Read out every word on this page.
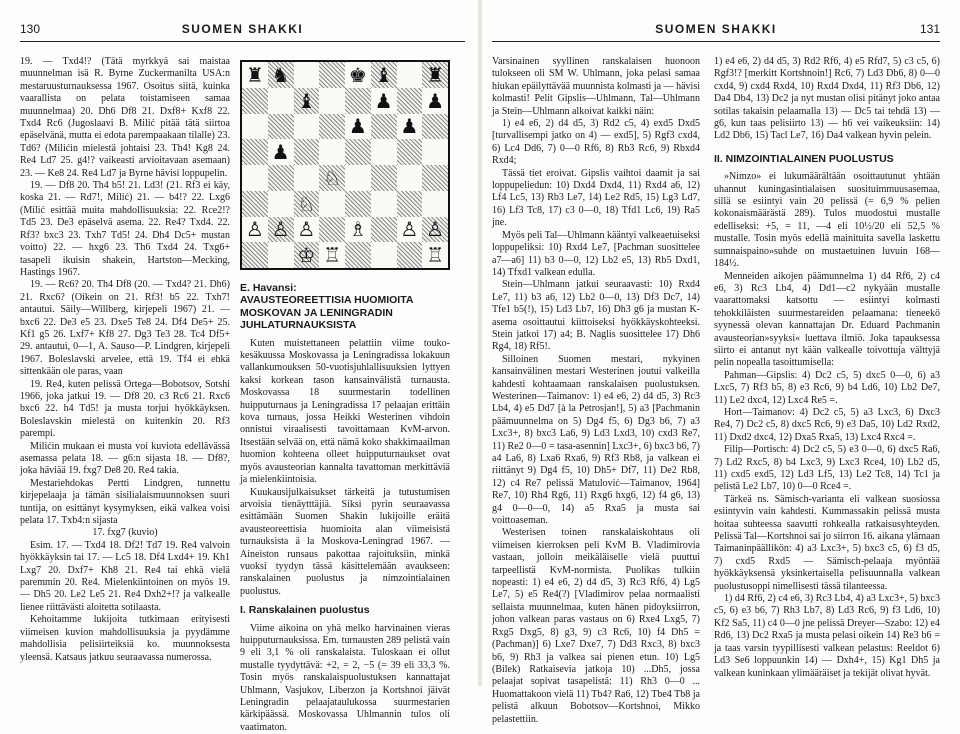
130	SUOMEN SHAKKI

19. — Txd4!? (Tätä myrkkyä sai maistaa muunnelman isä R. Byrne Zuckermanilta USA:n mestaruusturnauksessa 1967. Osoitus siitä, kuinka vaarallista on pelata toistamiseen samaa muunnelmaa) 20. Dh6 Df8 21. Dxf8+ Kxf8 22. Txd4 Rc6 (Jugoslaavi B. Milić pitää tätä siirtoa epäselvänä, mutta ei edota parempaakaan tilalle) 23. Td6? (Milićin mielestä johtaisi 23. Th4! Kg8 24. Re4 Ld7 25. g4!? vaikeasti arvioitavaan asemaan) 23. — Ke8 24. Re4 Ld7 ja Byrne hävisi loppupelin.

19. — Df8 20. Th4 b5! 21. Ld3! (21. Rf3 ei käy, koska 21. — Rd7!, Milić) 21. — b4!? 22. Lxg6 (Milić esittää muita mahdollisuuksia: 22. Rce2!? Td5 23. De3 epäselvä asema. 22. Re4? Txd4. 22. Rf3? bxc3 23. Txh7 Td5! 24. Dh4 Dc5+ mustan voitto) 22. — hxg6 23. Th6 Txd4 24. Txg6+ tasapeli ikuisin shakein, Hartston—Mecking, Hastings 1967.

19. — Rc6? 20. Th4 Df8 (20. — Txd4? 21. Dh6) 21. Rxc6? (Oikein on 21. Rf3! b5 22. Txh7! antautui. Säily—Willberg, kirjepeli 1967) 21. — bxc6 22. De3 e5 23. Dxe5 Te8 24. Df4 De5+ 25. Kf1 g5 26. Lxf7+ Kf8 27. Dg3 Te3 28. Tc4 Df5+ 29. antautui, 0—1, A. Sauso—P. Lindgren, kirjepeli 1967. Boleslavski arvelee, että 19. Tf4 ei ehkä sittenkään ole paras, vaan

19. Re4, kuten pelissä Ortega—Bobotsov, Sotshi 1966, joka jatkui 19. — Df8 20. c3 Rc6 21. Rxc6 bxc6 22. h4 Td5! ja musta torjui hyökkäyksen. Boleslavskin mielestä on kuitenkin 20. Rf3 parempi.

Milićin mukaan ei musta voi kuviota edellävässä asemassa pelata 18. — g6:n sijasta 18. — Df8?, joka häviää 19. fxg7 De8 20. Re4 takia.

Mestariehdokas Pertti Lindgren, tunnettu kirjepelaaja ja tämän sisilialaismuunnoksen suuri tuntija, on esittänyt kysymyksen, eikä valkea voisi pelata 17. Txb4:n sijasta

17. fxg7 (kuvio)

Esim. 17. — Txd4 18. Df2! Td7 19. Re4 valvoin hyökkäyksin tai 17. — Lc5 18. Df4 Lxd4+ 19. Kh1 Lxg7 20. Dxf7+ Kh8 21. Re4 tai ehkä vielä paremmin 20. Re4. Mielenkiintoinen on myös 19. — Dh5 20. Le2 Le5 21. Re4 Dxh2+!? ja valkealle lienee riittävästi aloitetta sotilaasta.

Kehoitamme lukijoita tutkimaan erityisesti viimeisen kuvion mahdollisuuksia ja pyydämme mahdollisia pelisiirteiksiä ko. muunnoksesta yleensä. Katsaus jatkuu seuraavassa numerossa.

♜ ♞	♚ ♝ ♜
♝	♟ ♟
♟ ♟
♟
♘
♘
♙ ♙ ♙ ♗ ♙ ♙
♔ ♖	♖

E. Havansi:

AVAUSTEOREETTISIA HUOMIOITA MOSKOVAN JA LENINGRADIN JUHLATURNAUKSISTA

Kuten muistettaneen pelattiin viime touko-kesäkuussa Moskovassa ja Leningradissa lokakuun vallankumouksen 50-vuotisjuhlallisuuksien lyttyen kaksi korkean tason kansainvälistä turnausta. Moskovassa 18 suurmestarin todellinen huipputurnaus ja Leningradissa 17 pelaajan erittäin kova turnaus, jossa Heikki Westerinen vihdoin onnistui viraalisesti tavoittamaan KvM-arvon. Itsestään selvää on, että nämä koko shakkimaailman huomion kohteena olleet huipputurnaukset ovat myös avausteorian kannalta tavattoman merkittäviä ja mielenkiintoisia.

Kuukausijulkaisukset tärkeitä ja tutustumisen arvoisia tienäytttäjiä. Siksi pyrin seuraavassa esittämään Suomen Shakin lukijoille eräitä avausteoreettisia huomioita alan viimeisistä turnauksista ä la Moskova-Leningrad 1967. — Aineiston runsaus pakottaa rajoituksiin, minkä vuoksi tyydyn tässä käsittelemään avaukseen: ranskalainen puolustus ja nimzointialainen puolustus.

I. Ranskalainen puolustus

Viime aikoina on yhä melko harvinainen vieras huipputurnauksissa. Em. turnausten 289 pelistä vain 9 eli 3,1 % oli ranskalaista. Tuloskaan ei ollut mustalle tyydyttävä: +2, = 2, −5 (= 39 eli 33,3 %. Tosin myös ranskalaispuolustuksen kannattajat Uhlmann, Vasjukov, Liberzon ja Kortshnoi jäivät Leningradin pelaajataulukossa suurmestarien kärkipäässä. Moskovassa Uhlmannin tulos oli vaatimaton.

SUOMEN SHAKKI	131

Varsinainen syyllinen ranskalaisen huonoon tulokseen oli SM W. Uhlmann, joka pelasi samaa hiukan epäilyttävää muunnista kolmasti ja — hävisi kolmasti! Pelit Gipslis—Uhlmann, Tal—Uhlmann ja Stein—Uhlmann alkoivat kaikki näin:

1) e4 e6, 2) d4 d5, 3) Rd2 c5, 4) exd5 Dxd5 [turvallisempi jatko on 4) — exd5], 5) Rgf3 cxd4, 6) Lc4 Dd6, 7) 0—0 Rf6, 8) Rb3 Rc6, 9) Rbxd4 Rxd4;

Tässä tiet eroivat. Gipslis vaihtoi daamit ja sai loppupeliedun: 10) Dxd4 Dxd4, 11) Rxd4 a6, 12) Lf4 Lc5, 13) Rb3 Le7, 14) Le2 Rd5, 15) Lg3 Ld7, 16) Lf3 Tc8, 17) c3 0—0, 18) Tfd1 Lc6, 19) Ra5 jne.

Myös peli Tal—Uhlmann kääntyi valkeaetuiseksi loppupeliksi: 10) Rxd4 Le7, [Pachman suosittelee a7—a6] 11) b3 0—0, 12) Lb2 e5, 13) Rb5 Dxd1, 14) Tfxd1 valkean edulla.

Stein—Uhlmann jatkui seuraavasti: 10) Rxd4 Le7, 11) b3 a6, 12) Lb2 0—0, 13) Df3 Dc7, 14) Tfe1 b5(!), 15) Ld3 Lb7, 16) Dh3 g6 ja mustan K-asema osoittautui kiittoiseksi hyökkäyskohteeksi. Stein jatkoi 17) a4; B. Naglis suosittelee 17) Dh6 Rg4, 18) Rf5!.

Silloinen Suomen mestari, nykyinen kansainvälinen mestari Westerinen joutui valkeilla kahdesti kohtaamaan ranskalaisen puolustuksen. Westerinen—Taimanov: 1) e4 e6, 2) d4 d5, 3) Rc3 Lb4, 4) e5 Dd7 [à la Petrosjan!], 5) a3 [Pachmanin päämuunnelma on 5) Dg4 f5, 6) Dg3 b6, 7) a3 Lxc3+, 8) bxc3 La6, 9) Ld3 Lxd3, 10) cxd3 Re7, 11) Re2 0—0 = tasa-asennin] Lxc3+, 6) bxc3 b6, 7) a4 La6, 8) Lxa6 Rxa6, 9) Rf3 Rb8, ja valkean ei riittänyt 9) Dg4 f5, 10) Dh5+ Df7, 11) De2 Rb8, 12) c4 Re7 pelissä Matulović—Taimanov, 1964] Re7, 10) Rh4 Rg6, 11) Rxg6 hxg6, 12) f4 g6, 13) g4 0—0—0, 14) a5 Rxa5 ja musta sai voittoaseman.

Westerisen toinen ranskalaiskohtaus oli viimeisen kierroksen peli KvM B. Vladimirovia vastaan, jolloin meikäläiselle vielä puuttui tarpeellistä KvM-normista. Puolikas tulkiin nopeasti: 1) e4 e6, 2) d4 d5, 3) Rc3 Rf6, 4) Lg5 Le7, 5) e5 Re4(?) [Vladimirov pelaa normaalisti sellaista muunnelmaa, kuten hänen pidoyksiirron, johon valkean paras vastaus on 6) Rxe4 Lxg5, 7) Rxg5 Dxg5, 8) g3, 9) c3 Rc6, 10) f4 Dh5 = (Pachman)] 6) Lxe7 Dxe7, 7) Dd3 Rxc3, 8) bxc3 b6, 9) Rh3 ja valkea sai pienen etun. 10) Lg5 (Bilek) Ratkaisevia jatkoja 10) ...Dh5, jossa pelaajat sopivat tasapelistä: 11) Rh3 0—0 ... Huomattakoon vielä 11) Tb4? Ra6, 12) Tbe4 Tb8 ja pelistä alkuun Bobotsov—Kortshnoi, Mikko pelastettiin.

1) e4 e6, 2) d4 d5, 3) Rd2 Rf6, 4) e5 Rfd7, 5) c3 c5, 6) Rgf3!? [merkitt Kortshnoin!] Rc6, 7) Ld3 Db6, 8) 0—0 cxd4, 9) cxd4 Rxd4, 10) Rxd4 Dxd4, 11) Rf3 Db6, 12) Da4 Db4, 13) Dc2 ja nyt mustan olisi pitänyt joko antaa sotilas takaisin pelaamalla 13) — Dc5 tai tehdä 13) — g6, kun taas pelisiirto 13) — h6 vei vaikeuksiin: 14) Ld2 Db6, 15) Tacl Le7, 16) Da4 valkean hyvin pelein.

II. NIMZOINTIALAINEN PUOLUSTUS

»Nimzo» ei lukumäärältään osoittautunut yhtään uhannut kuningasintialaisen suosituimmuusasemaa, sillä se esiintyi vain 20 pelissä (= 6,9 % pelien kokonaismäärästä 289). Tulos muodostui mustalle edelliseksi: +5, = 11, —4 eli 10½/20 eli 52,5 % mustalle. Tosin myös edellä mainituita savella laskettu sumnaispaino»suhde on mustaetuinen luvuin 168—184½.

Menneiden aikojen päämunnelma 1) d4 Rf6, 2) c4 e6, 3) Rc3 Lb4, 4) Dd1—c2 nykyään mustalle vaarattomaksi katsottu — esiintyi kolmasti tehokkiläisten suurmestareiden pelaamana: tieneekö syynessä olevan kannattajan Dr. Eduard Pachmanin avausteorian»syyksi« luettava ilmiö. Joka tapauksessa siirto ei antanut nyt kään valkealle toivottuja välttyjä pelin nopealla tasoittumisella:

Pahman—Gipslis: 4) Dc2 c5, 5) dxc5 0—0, 6) a3 Lxc5, 7) Rf3 b5, 8) e3 Rc6, 9) b4 Ld6, 10) Lb2 De7, 11) Le2 dxc4, 12) Lxc4 Re5 =.

Hort—Taimanov: 4) Dc2 c5, 5) a3 Lxc3, 6) Dxc3 Re4, 7) Dc2 c5, 8) dxc5 Rc6, 9) e3 Da5, 10) Ld2 Rxd2, 11) Dxd2 dxc4, 12) Dxa5 Rxa5, 13) Lxc4 Rxc4 =.

Filip—Portisch: 4) Dc2 c5, 5) e3 0—0, 6) dxc5 Ra6, 7) Ld2 Rxc5, 8) b4 Lxc3, 9) Lxc3 Rce4, 10) Lb2 d5, 11) cxd5 exd5, 12) Ld3 Lf5, 13) Le2 Tc8, 14) Tc1 ja pelistä Le2 Lb7, 10) 0—0 Rce4 =.

Tärkeä ns. Sämisch-varianta eli valkean suosiossa esiintyvin vain kahdesti. Kummassakin pelissä musta hoitaa suhteessa saavutti rohkealla ratkaisusyhteyden. Pelissä Tal—Kortshnoi sai jo siirron 16. aikana ylämaan Taimaninpäällikön: 4) a3 Lxc3+, 5) bxc3 c5, 6) f3 d5, 7) cxd5 Rxd5 — Sämisch-pelaaja myöntää hyökkäyksensä yksinkertaisella pelisuunnalla valkean puolustusoppi nimellisesti tässä tilanteessa.

1) d4 Rf6, 2) c4 e6, 3) Rc3 Lb4, 4) a3 Lxc3+, 5) bxc3 c5, 6) e3 b6, 7) Rh3 Lb7, 8) Ld3 Rc6, 9) f3 Ld6, 10) Kf2 Sa5, 11) c4 0—0 jne pelissä Dreyer—Szabo: 12) e4 Rd6, 13) Dc2 Rxa5 ja musta pelasi oikein 14) Re3 b6 = ja taas varsin tyypillisesti valkean pelastus: Reeldot 6) Ld3 Se6 loppuunkin 14) — Dxh4+, 15) Kg1 Dh5 ja valkean kuninkaan ylimääräiset ja tekijät olivat hyvät.
